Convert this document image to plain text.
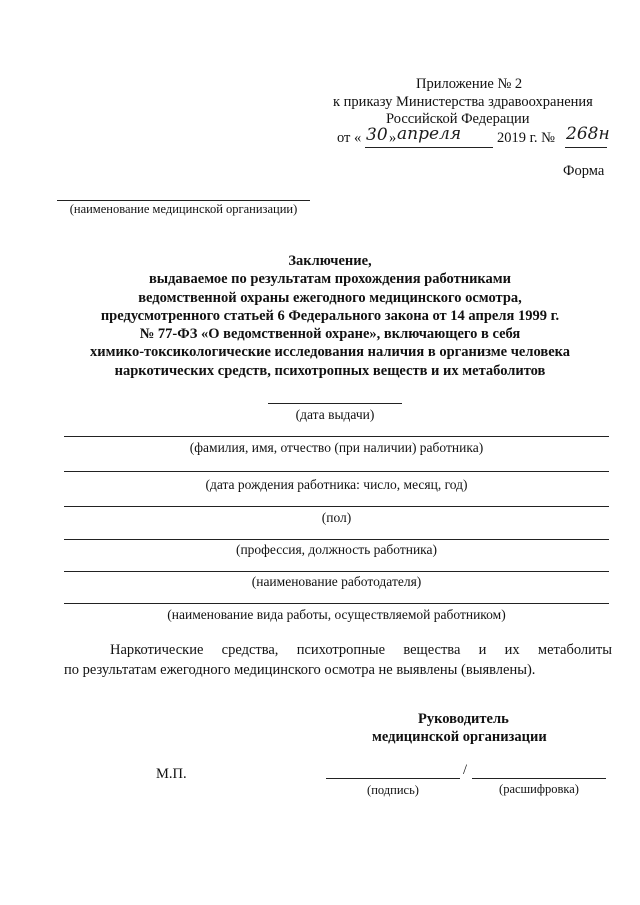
Приложение № 2
к приказу Министерства здравоохранения
Российской Федерации
от « 30 » апреля 2019 г. № 268н
Форма
(наименование медицинской организации)
Заключение,
выдаваемое по результатам прохождения работниками
ведомственной охраны ежегодного медицинского осмотра,
предусмотренного статьей 6 Федерального закона от 14 апреля 1999 г.
№ 77-ФЗ «О ведомственной охране», включающего в себя
химико-токсикологические исследования наличия в организме человека
наркотических средств, психотропных веществ и их метаболитов
(дата выдачи)
(фамилия, имя, отчество (при наличии) работника)
(дата рождения работника: число, месяц, год)
(пол)
(профессия, должность работника)
(наименование работодателя)
(наименование вида работы, осуществляемой работником)
Наркотические средства, психотропные вещества и их метаболиты
по результатам ежегодного медицинского осмотра не выявлены (выявлены).
Руководитель
медицинской организации
М.П.	/
(подпись)	(расшифровка)
